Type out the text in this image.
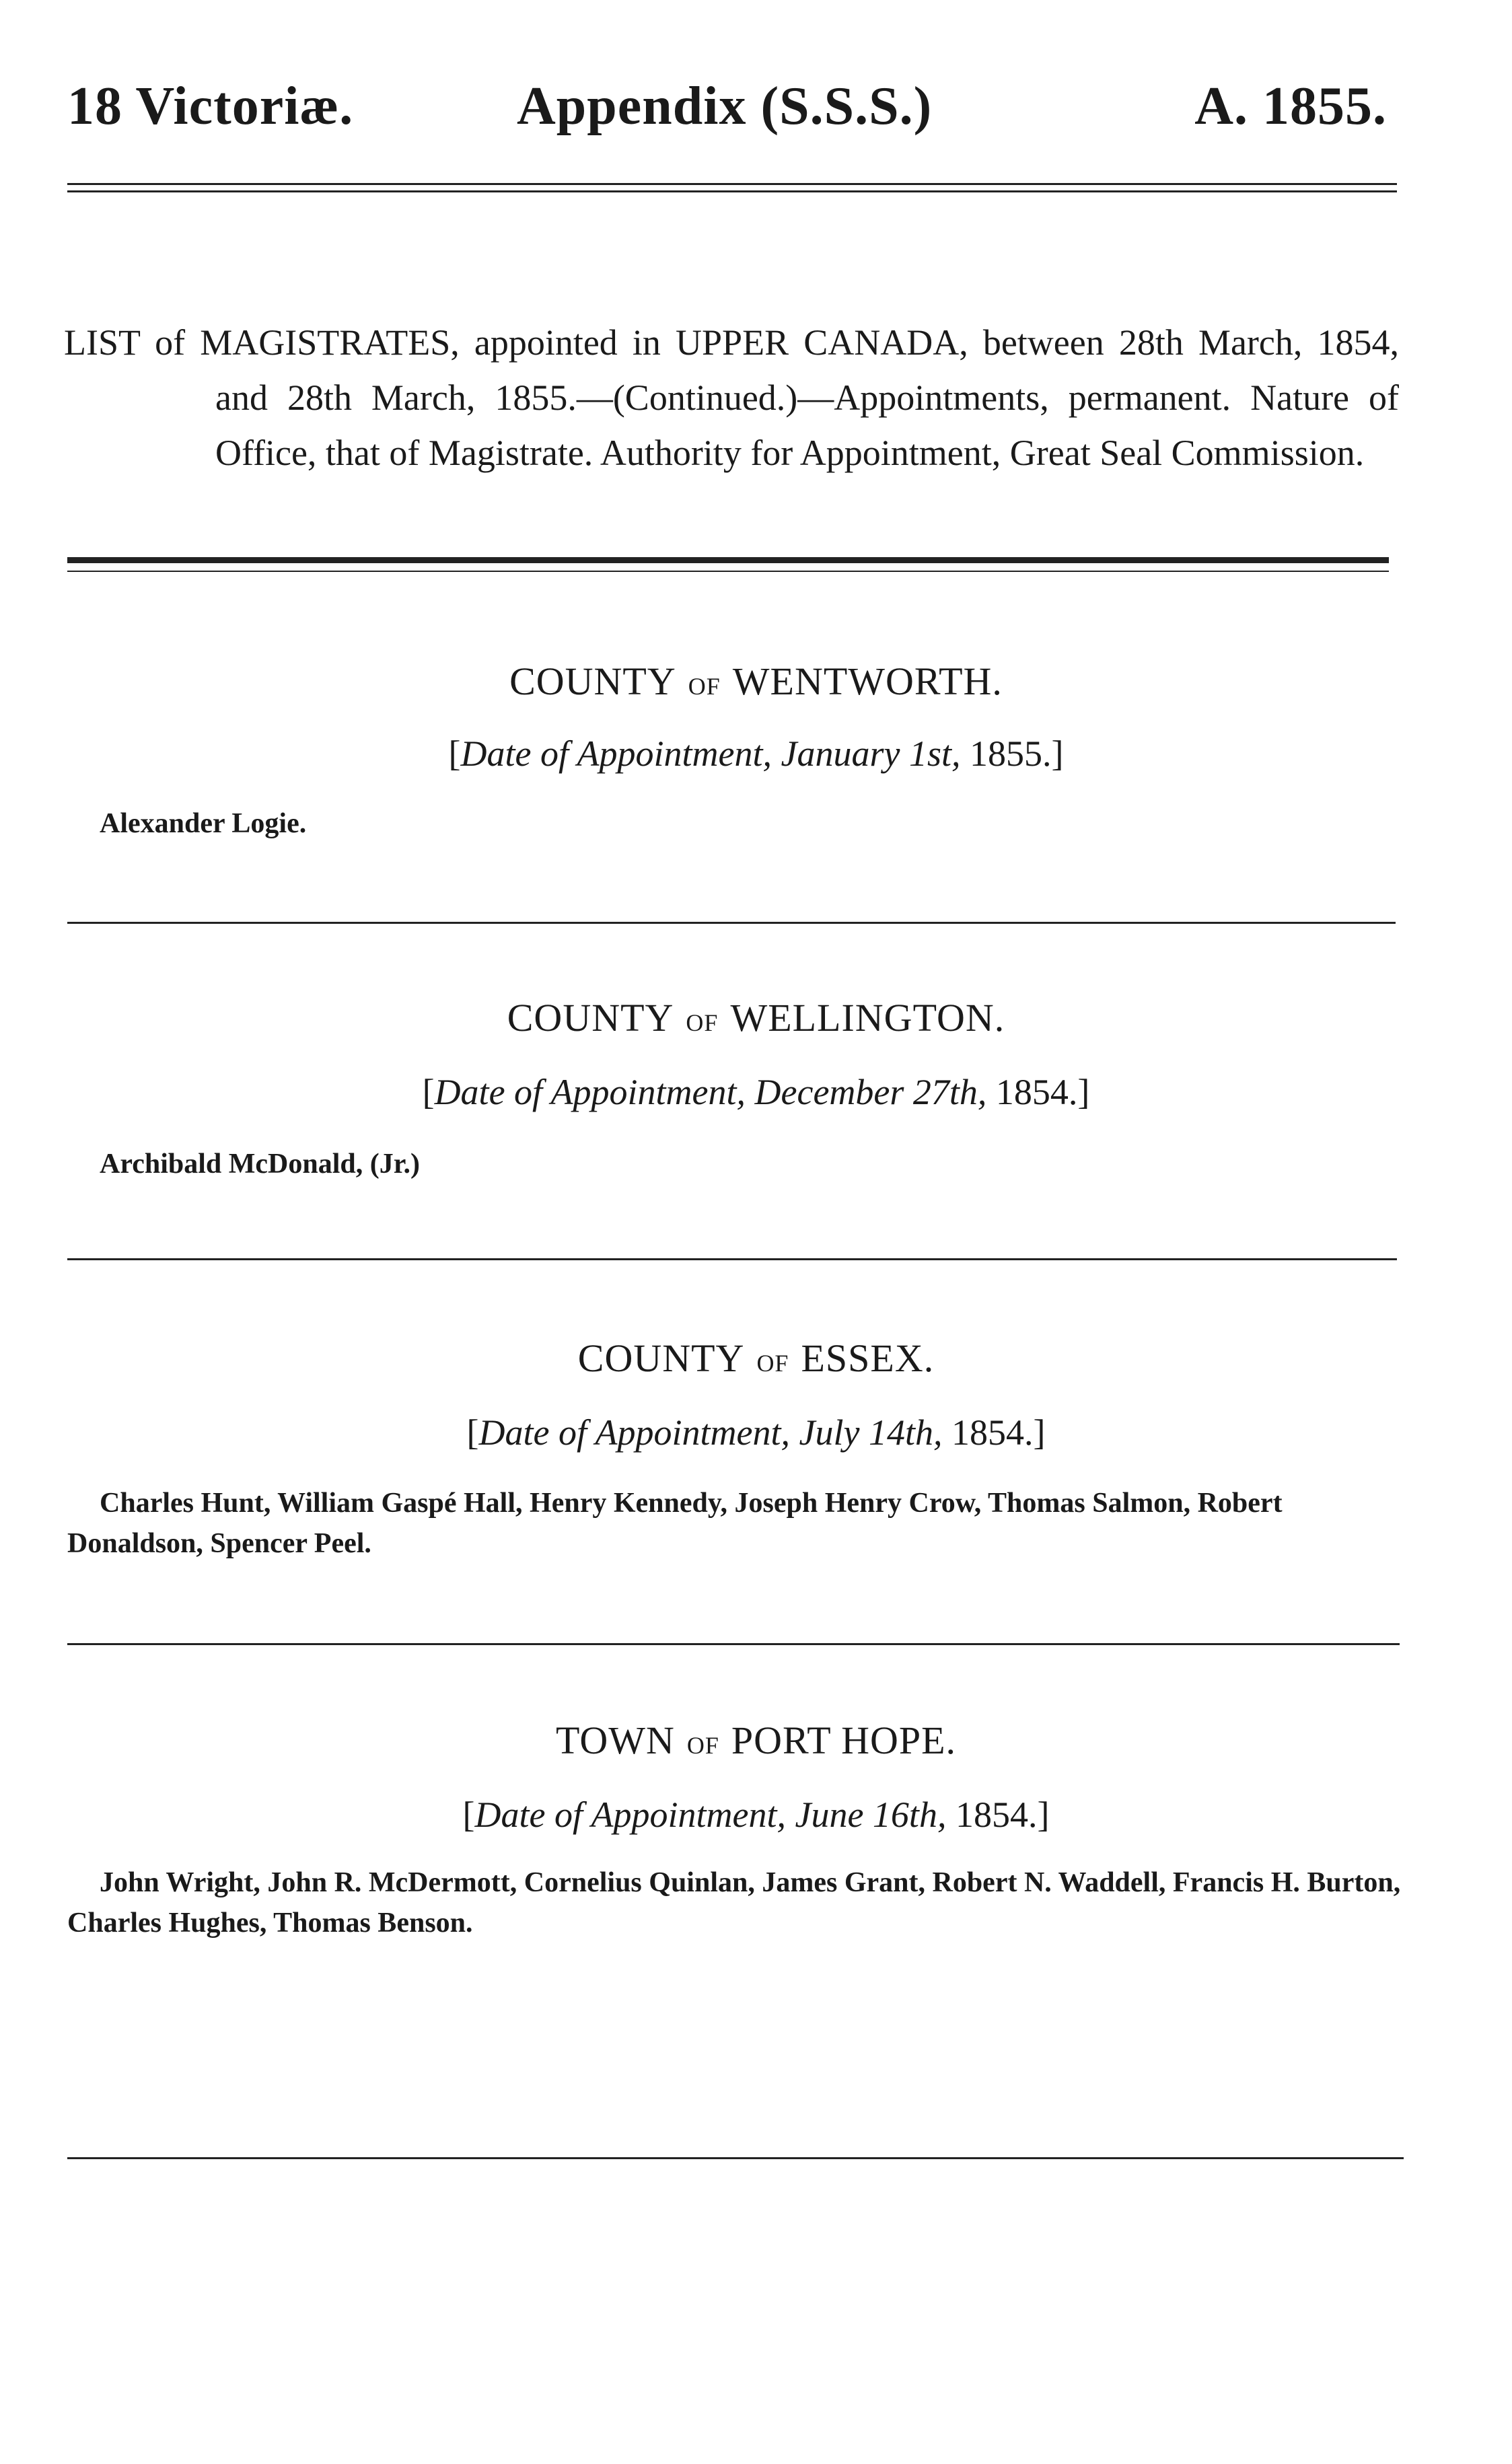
18 Victoriæ.	Appendix (S.S.S.)	A. 1855.
LIST of MAGISTRATES, appointed in UPPER CANADA, between 28th March, 1854, and 28th March, 1855.—(Continued.)—Appointments, permanent. Nature of Office, that of Magistrate. Authority for Appointment, Great Seal Commission.
COUNTY OF WENTWORTH.
[Date of Appointment, January 1st, 1855.]
Alexander Logie.
COUNTY OF WELLINGTON.
[Date of Appointment, December 27th, 1854.]
Archibald McDonald, (Jr.)
COUNTY OF ESSEX.
[Date of Appointment, July 14th, 1854.]
Charles Hunt, William Gaspé Hall, Henry Kennedy, Joseph Henry Crow, Thomas Salmon, Robert Donaldson, Spencer Peel.
TOWN OF PORT HOPE.
[Date of Appointment, June 16th, 1854.]
John Wright, John R. McDermott, Cornelius Quinlan, James Grant, Robert N. Waddell, Francis H. Burton, Charles Hughes, Thomas Benson.
